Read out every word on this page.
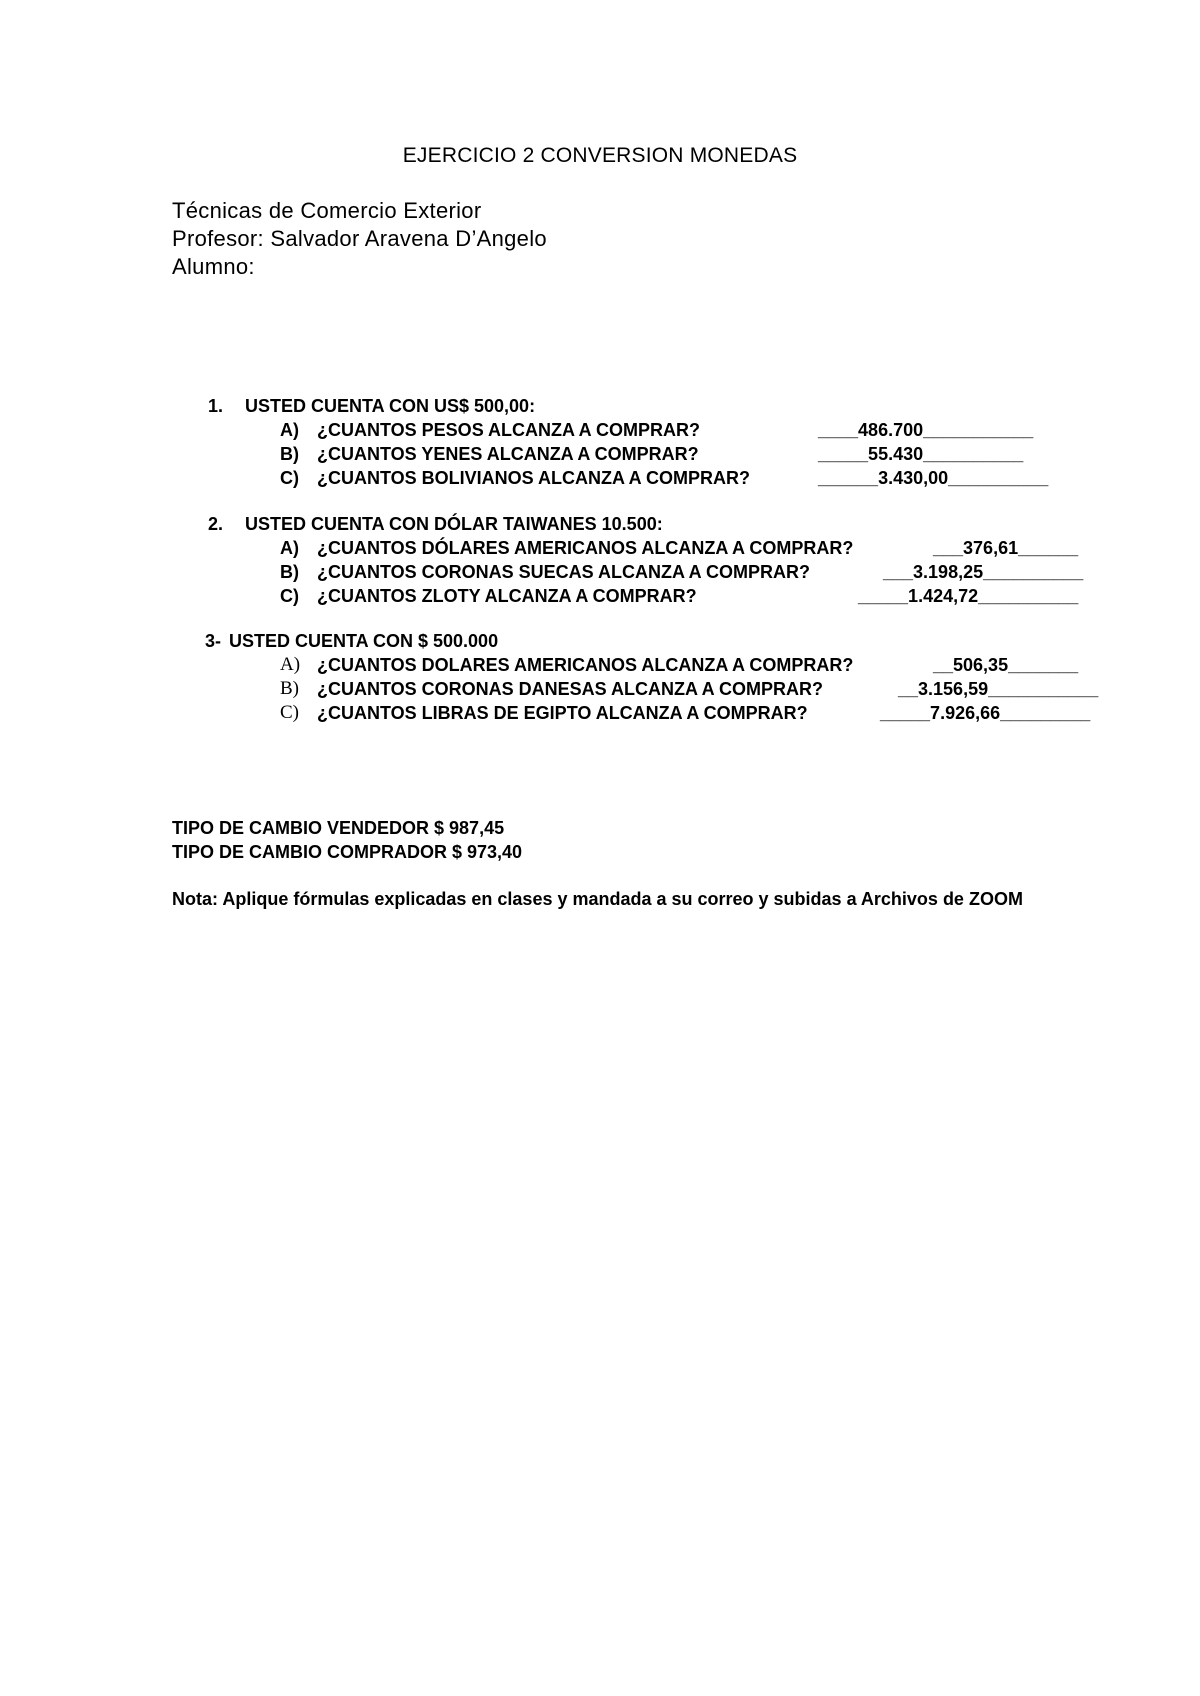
EJERCICIO 2 CONVERSION MONEDAS
Técnicas de Comercio Exterior
Profesor: Salvador Aravena D’Angelo
Alumno:
1. USTED CUENTA CON US$ 500,00:
A) ¿CUANTOS PESOS ALCANZA A COMPRAR?	____486.700___________
B) ¿CUANTOS YENES ALCANZA A COMPRAR?	_____55.430__________
C) ¿CUANTOS BOLIVIANOS ALCANZA A COMPRAR?	______3.430,00__________
2. USTED CUENTA CON DÓLAR TAIWANES 10.500:
A) ¿CUANTOS DÓLARES AMERICANOS ALCANZA A COMPRAR?	___376,61______
B) ¿CUANTOS CORONAS SUECAS ALCANZA A COMPRAR?	___3.198,25__________
C) ¿CUANTOS ZLOTY ALCANZA A COMPRAR?	_____1.424,72__________
3- USTED CUENTA CON $ 500.000
A) ¿CUANTOS DOLARES AMERICANOS ALCANZA A COMPRAR?	__506,35_______
B) ¿CUANTOS CORONAS DANESAS ALCANZA A COMPRAR?	__3.156,59___________
C) ¿CUANTOS LIBRAS DE EGIPTO ALCANZA A COMPRAR?	_____7.926,66_________
TIPO DE CAMBIO VENDEDOR $ 987,45
TIPO DE CAMBIO COMPRADOR $ 973,40
Nota: Aplique fórmulas explicadas en clases y mandada a su correo y subidas a Archivos de ZOOM
